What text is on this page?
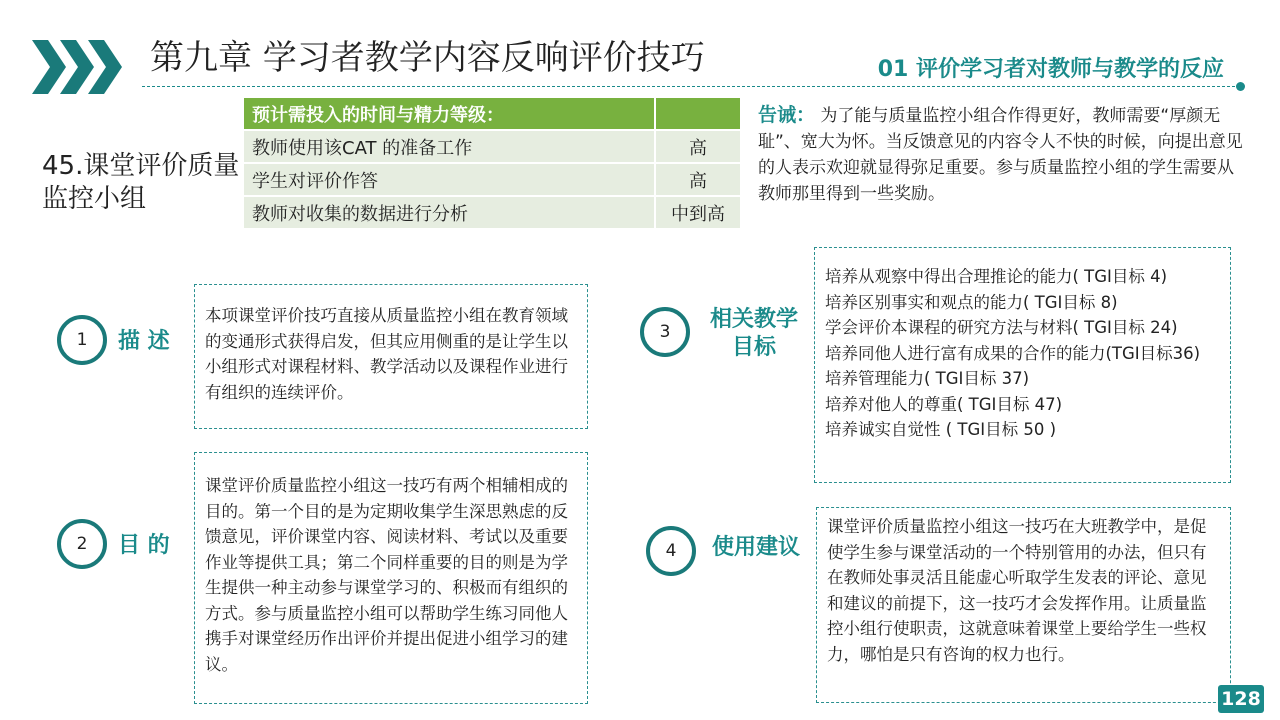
第九章 学习者教学内容反响评价技巧	01 评价学习者对教师与教学的反应
45.课堂评价质量监控小组
预计需投入的时间与精力等级：	
教师使用该CAT 的准备工作	高
学生对评价作答	高
教师对收集的数据进行分析	中到高
告诫： 为了能与质量监控小组合作得更好，教师需要“厚颜无耻”、宽大为怀。当反馈意见的内容令人不快的时候，向提出意见的人表示欢迎就显得弥足重要。参与质量监控小组的学生需要从教师那里得到一些奖励。
1	描 述
本项课堂评价技巧直接从质量监控小组在教育领域的变通形式获得启发，但其应用侧重的是让学生以小组形式对课程材料、教学活动以及课程作业进行有组织的连续评价。
2	目 的
课堂评价质量监控小组这一技巧有两个相辅相成的目的。第一个目的是为定期收集学生深思熟虑的反馈意见，评价课堂内容、阅读材料、考试以及重要作业等提供工具；第二个同样重要的目的则是为学生提供一种主动参与课堂学习的、积极而有组织的方式。参与质量监控小组可以帮助学生练习同他人携手对课堂经历作出评价并提出促进小组学习的建议。
3	相关教学
目标
培养从观察中得出合理推论的能力( TGI目标 4)
培养区别事实和观点的能力( TGI目标 8)
学会评价本课程的研究方法与材料( TGI目标 24)
培养同他人进行富有成果的合作的能力(TGI目标36)
培养管理能力( TGI目标 37)
培养对他人的尊重( TGI目标 47)
培养诚实自觉性 ( TGI目标 50 )
4	使用建议
课堂评价质量监控小组这一技巧在大班教学中，是促使学生参与课堂活动的一个特别管用的办法，但只有在教师处事灵活且能虚心听取学生发表的评论、意见和建议的前提下，这一技巧才会发挥作用。让质量监控小组行使职责，这就意味着课堂上要给学生一些权力，哪怕是只有咨询的权力也行。
128
